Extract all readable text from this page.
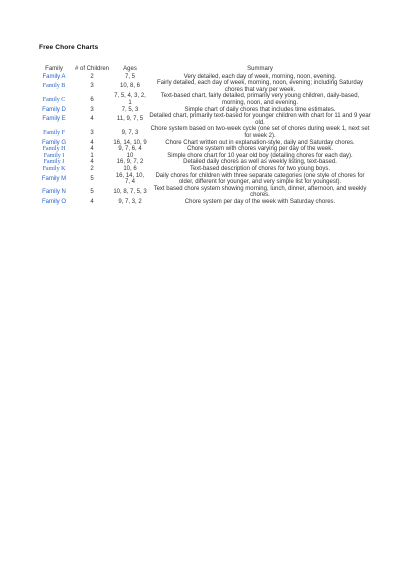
Free Chore Charts
Family	# of Children	Ages	Summary
Family A	2	7, 5	Very detailed, each day of week, morning, noon, evening.
Family B	3	10, 8, 6	Fairly detailed, each day of week, morning, noon, evening; including Saturday chores that vary per week.
Family C	6	7, 5, 4, 3, 2, 1	Text-based chart, fairly detailed, primarily very young children, daily-based, morning, noon, and evening.
Family D	3	7, 5, 3	Simple chart of daily chores that includes time estimates.
Family E	4	11, 9, 7, 5	Detailed chart, primarily text-based for younger children with chart for 11 and 9 year old.
Family F	3	9, 7, 3	Chore system based on two-week cycle (one set of chores during week 1, next set for week 2).
Family G	4	16, 14, 10, 9	Chore Chart written out in explanation-style, daily and Saturday chores.
Family H	4	9, 7, 6, 4	Chore system with chores varying per day of the week.
Family I	1	10	Simple chore chart for 10 year old boy (detailing chores for each day).
Family J	4	16, 9, 7, 2	Detailed daily chores as well as weekly listing, text-based.
Family K	2	10, 6	Text-based description of chores for two young boys.
Family M	5	16, 14, 10, 7, 4	Daily chores for children with three separate categories (one style of chores for older, different for younger, and very simple list for youngest).
Family N	5	10, 8, 7, 5, 3	Text based chore system showing morning, lunch, dinner, afternoon, and weekly chores.
Family O	4	9, 7, 3, 2	Chore system per day of the week with Saturday chores.
